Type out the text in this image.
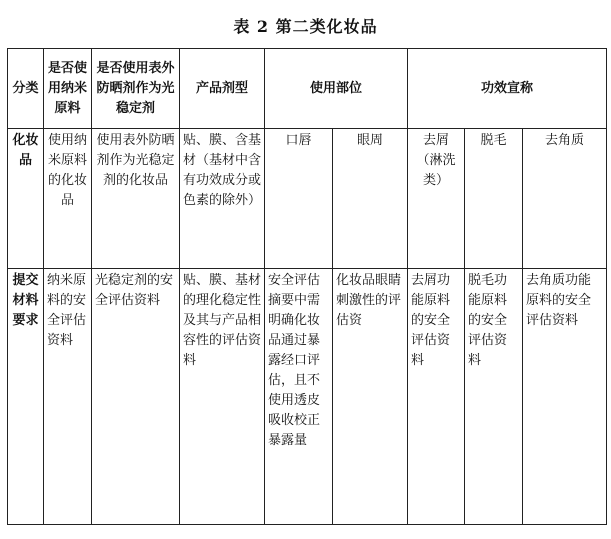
表 2 第二类化妆品
分类	是否使用纳米原料	是否使用表外防晒剂作为光稳定剂	产品剂型	使用部位		功效宣称		
化妆品	使用纳米原料的化妆品	使用表外防晒剂作为光稳定剂的化妆品	贴、膜、含基材（基材中含有功效成分或色素的除外）	口唇	眼周	去屑（淋洗类）	脱毛	去角质
提交材料要求	纳米原料的安全评估资料	光稳定剂的安全评估资料	贴、膜、基材的理化稳定性及其与产品相容性的评估资料	安全评估摘要中需明确化妆品通过暴露经口评估，且不使用透皮吸收校正暴露量	化妆品眼睛刺激性的评估资	去屑功能原料的安全评估资料	脱毛功能原料的安全评估资料	去角质功能原料的安全评估资料
